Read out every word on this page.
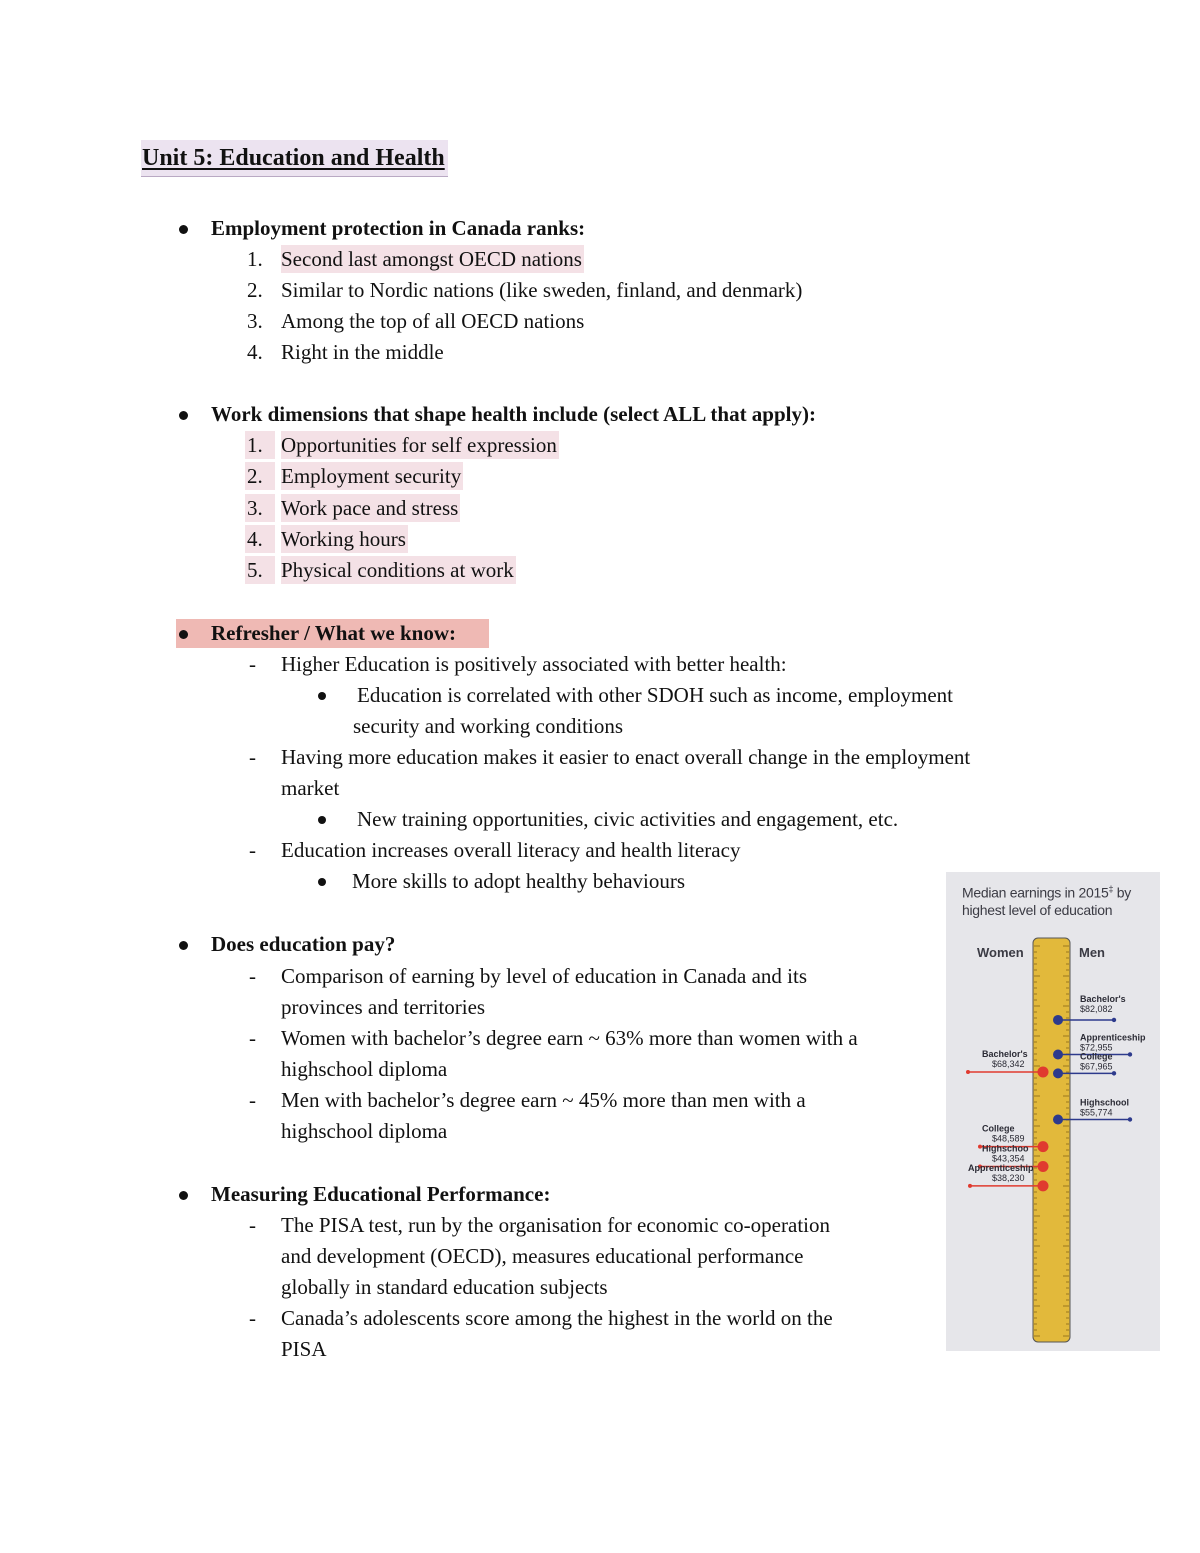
Unit 5: Education and Health
Employment protection in Canada ranks:
1. Second last amongst OECD nations
2. Similar to Nordic nations (like sweden, finland, and denmark)
3. Among the top of all OECD nations
4. Right in the middle
Work dimensions that shape health include (select ALL that apply):
1. Opportunities for self expression
2. Employment security
3. Work pace and stress
4. Working hours
5. Physical conditions at work
Refresher / What we know:
- Higher Education is positively associated with better health:
Education is correlated with other SDOH such as income, employment
security and working conditions
- Having more education makes it easier to enact overall change in the employment
market
New training opportunities, civic activities and engagement, etc.
- Education increases overall literacy and health literacy
More skills to adopt healthy behaviours
Does education pay?
- Comparison of earning by level of education in Canada and its
provinces and territories
- Women with bachelor’s degree earn ~ 63% more than women with a
highschool diploma
- Men with bachelor’s degree earn ~ 45% more than men with a
highschool diploma
Measuring Educational Performance:
- The PISA test, run by the organisation for economic co-operation
and development (OECD), measures educational performance
globally in standard education subjects
- Canada’s adolescents score among the highest in the world on the
PISA
Median earnings in 2015‡ by
highest level of education
Women	Men
Bachelor's
$82,082
Apprenticeship
$72,955
College
$67,965
Highschool
$55,774
Bachelor's
$68,342
College
$48,589
Highschoo
$43,354
Apprenticeship
$38,230
